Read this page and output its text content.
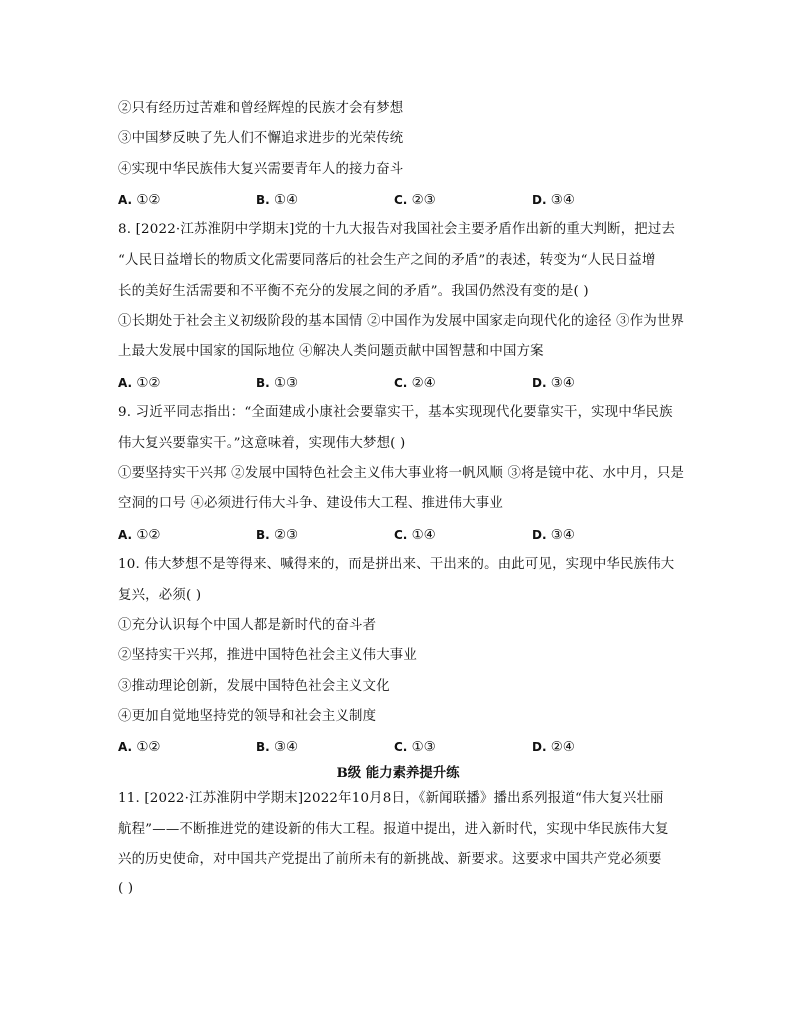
②只有经历过苦难和曾经辉煌的民族才会有梦想
③中国梦反映了先人们不懈追求进步的光荣传统
④实现中华民族伟大复兴需要青年人的接力奋斗
A. ①②	B. ①④	C. ②③	D. ③④
8. [2022·江苏淮阴中学期末]党的十九大报告对我国社会主要矛盾作出新的重大判断，把过去
“人民日益增长的物质文化需要同落后的社会生产之间的矛盾”的表述，转变为“人民日益增
长的美好生活需要和不平衡不充分的发展之间的矛盾”。我国仍然没有变的是( )
①长期处于社会主义初级阶段的基本国情 ②中国作为发展中国家走向现代化的途径 ③作为世界
上最大发展中国家的国际地位 ④解决人类问题贡献中国智慧和中国方案
A. ①②	B. ①③	C. ②④	D. ③④
9. 习近平同志指出：“全面建成小康社会要靠实干，基本实现现代化要靠实干，实现中华民族
伟大复兴要靠实干。”这意味着，实现伟大梦想( )
①要坚持实干兴邦 ②发展中国特色社会主义伟大事业将一帆风顺 ③将是镜中花、水中月，只是
空洞的口号 ④必须进行伟大斗争、建设伟大工程、推进伟大事业
A. ①②	B. ②③	C. ①④	D. ③④
10. 伟大梦想不是等得来、喊得来的，而是拼出来、干出来的。由此可见，实现中华民族伟大
复兴，必须( )
①充分认识每个中国人都是新时代的奋斗者
②坚持实干兴邦，推进中国特色社会主义伟大事业
③推动理论创新，发展中国特色社会主义文化
④更加自觉地坚持党的领导和社会主义制度
A. ①②	B. ③④	C. ①③	D. ②④
B级 能力素养提升练
11. [2022·江苏淮阴中学期末]2022年10月8日，《新闻联播》播出系列报道“伟大复兴壮丽
航程”——不断推进党的建设新的伟大工程。报道中提出，进入新时代，实现中华民族伟大复
兴的历史使命，对中国共产党提出了前所未有的新挑战、新要求。这要求中国共产党必须要
( )
